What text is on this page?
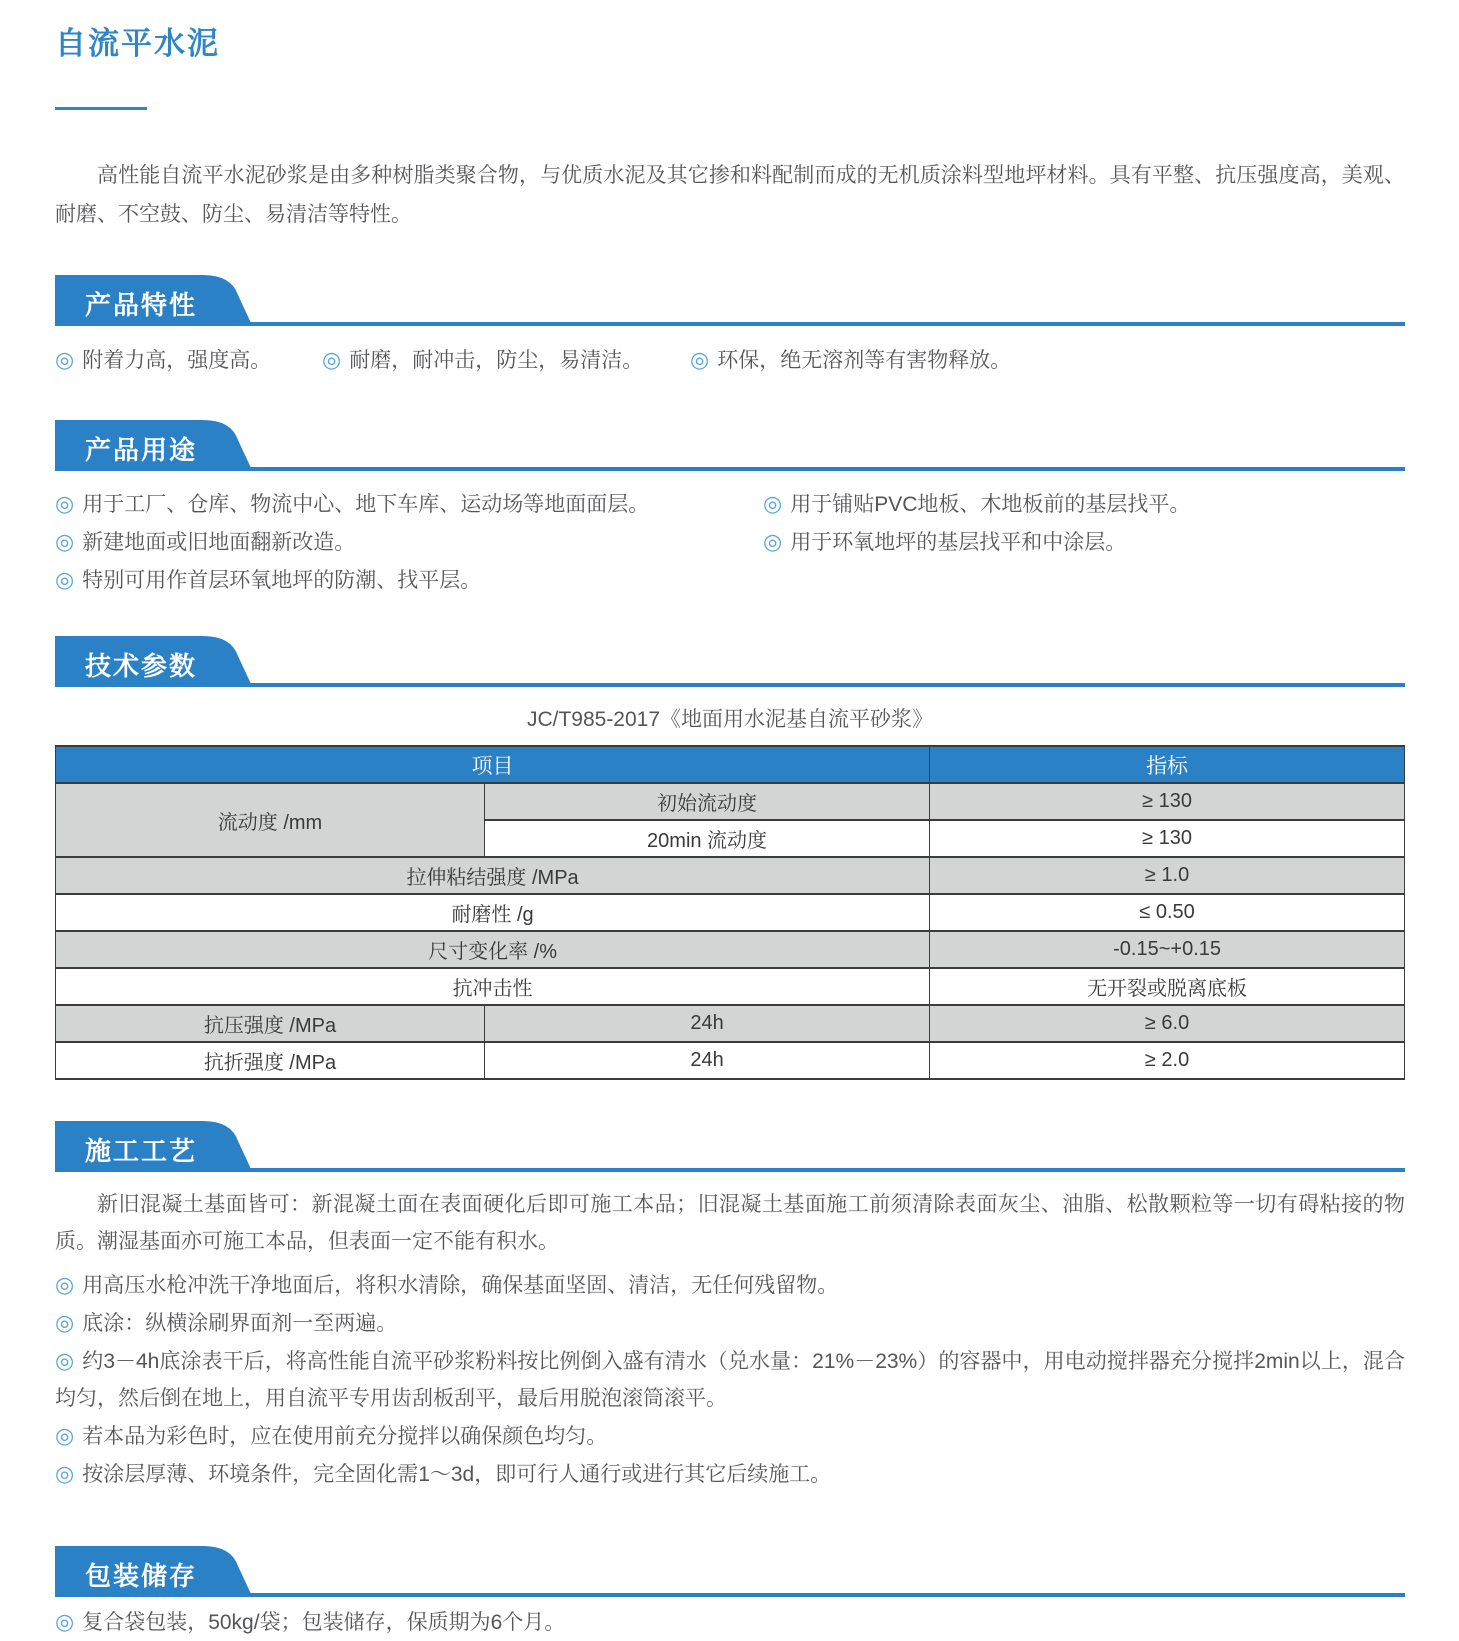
自流平水泥

高性能自流平水泥砂浆是由多种树脂类聚合物，与优质水泥及其它掺和料配制而成的无机质涂料型地坪材料。具有平整、抗压强度高，美观、耐磨、不空鼓、防尘、易清洁等特性。

产品特性
◎ 附着力高，强度高。	◎ 耐磨，耐冲击，防尘，易清洁。	◎ 环保，绝无溶剂等有害物释放。
产品用途
◎ 用于工厂、仓库、物流中心、地下车库、运动场等地面面层。
◎ 新建地面或旧地面翻新改造。
◎ 特别可用作首层环氧地坪的防潮、找平层。
◎ 用于铺贴PVC地板、木地板前的基层找平。
◎ 用于环氧地坪的基层找平和中涂层。
技术参数
JC/T985-2017《地面用水泥基自流平砂浆》
项目		指标
流动度 /mm	初始流动度	≥ 130
	20min 流动度	≥ 130
拉伸粘结强度 /MPa		≥ 1.0
耐磨性 /g		≤ 0.50
尺寸变化率 /%		-0.15~+0.15
抗冲击性		无开裂或脱离底板
抗压强度 /MPa	24h	≥ 6.0
抗折强度 /MPa	24h	≥ 2.0
施工工艺

新旧混凝土基面皆可：新混凝土面在表面硬化后即可施工本品；旧混凝土基面施工前须清除表面灰尘、油脂、松散颗粒等一切有碍粘接的物质。潮湿基面亦可施工本品，但表面一定不能有积水。

◎ 用高压水枪冲洗干净地面后，将积水清除，确保基面坚固、清洁，无任何残留物。
◎ 底涂：纵横涂刷界面剂一至两遍。
◎ 约3－4h底涂表干后，将高性能自流平砂浆粉料按比例倒入盛有清水（兑水量：21%－23%）的容器中，用电动搅拌器充分搅拌2min以上，混合均匀，然后倒在地上，用自流平专用齿刮板刮平，最后用脱泡滚筒滚平。
◎ 若本品为彩色时，应在使用前充分搅拌以确保颜色均匀。
◎ 按涂层厚薄、环境条件，完全固化需1～3d，即可行人通行或进行其它后续施工。
包装储存
◎ 复合袋包装，50kg/袋；包装储存，保质期为6个月。
